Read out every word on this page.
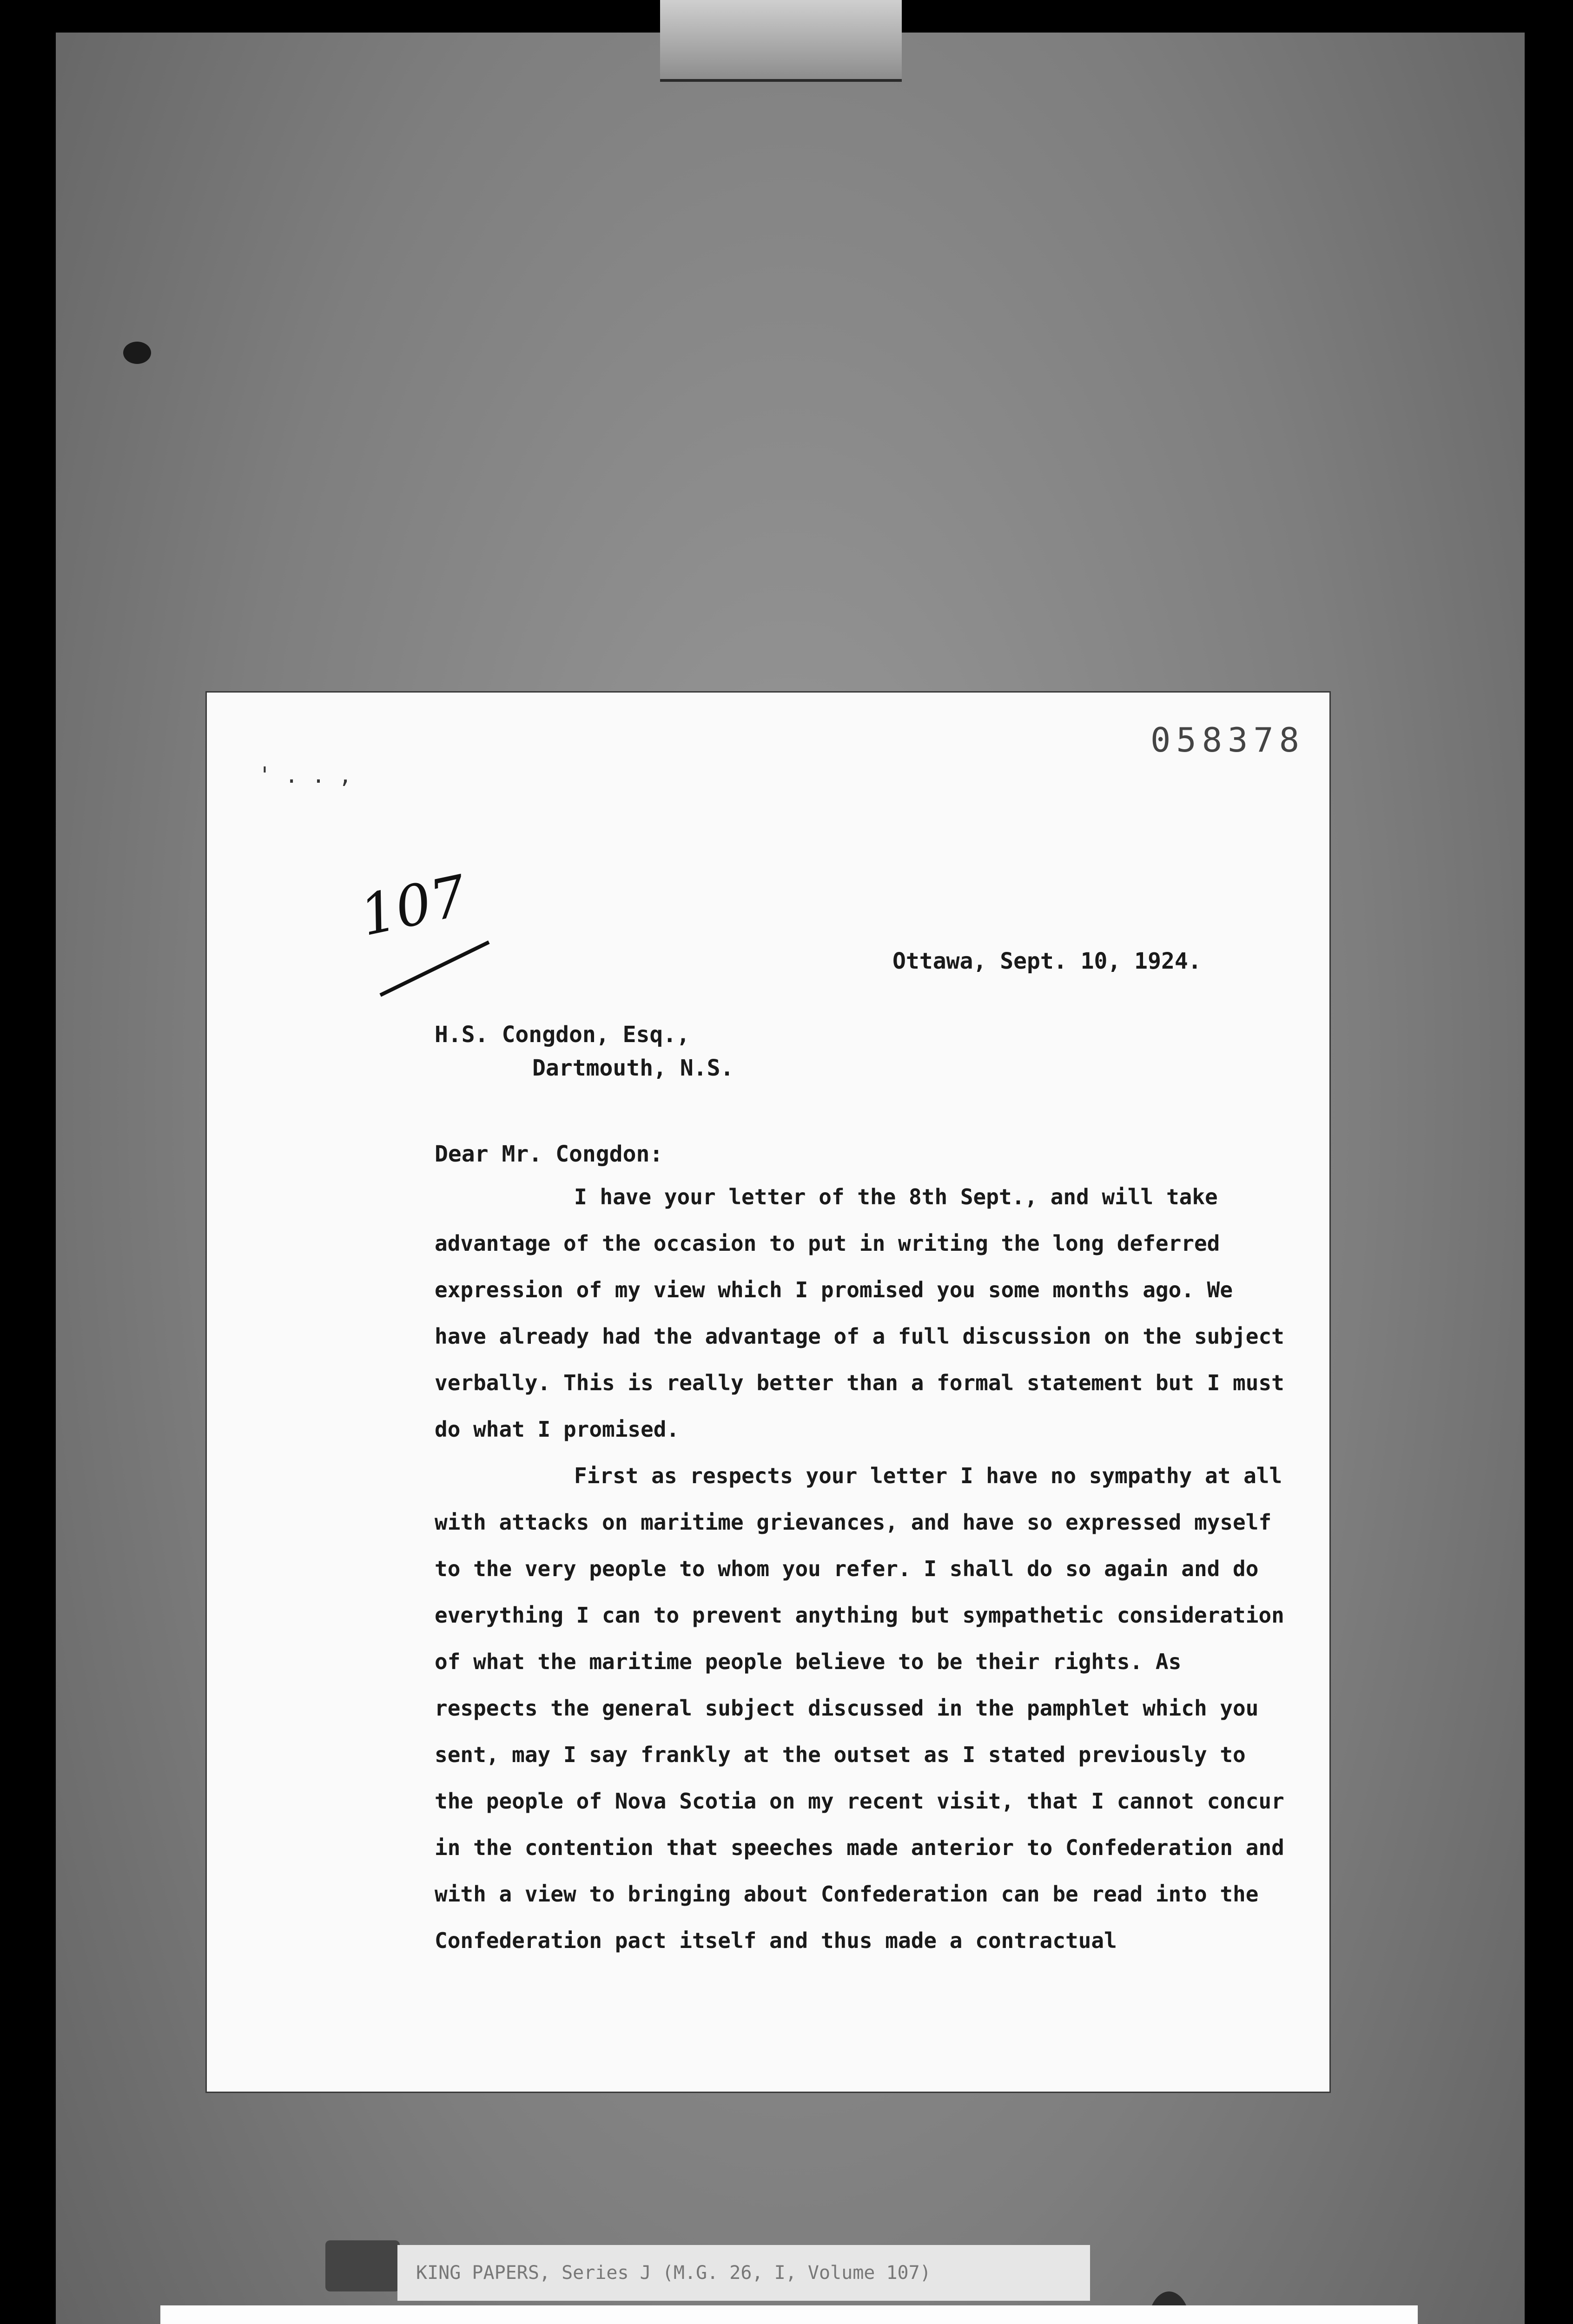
058378
' . . ,
107
Ottawa, Sept. 10, 1924.
H.S. Congdon, Esq.,
Dartmouth, N.S.
Dear Mr. Congdon:

I have your letter of the 8th Sept., and will take advantage of the occasion to put in writing the long deferred expression of my view which I promised you some months ago. We have already had the advantage of a full discussion on the subject verbally. This is really better than a formal statement but I must do what I promised.

First as respects your letter I have no sympathy at all with attacks on maritime grievances, and have so expressed myself to the very people to whom you refer. I shall do so again and do everything I can to prevent anything but sympathetic consideration of what the maritime people believe to be their rights. As respects the general subject discussed in the pamphlet which you sent, may I say frankly at the outset as I stated previously to the people of Nova Scotia on my recent visit, that I cannot concur in the contention that speeches made anterior to Confederation and with a view to bringing about Confederation can be read into the Confederation pact itself and thus made a contractual

KING PAPERS, Series J (M.G. 26, I, Volume 107)
